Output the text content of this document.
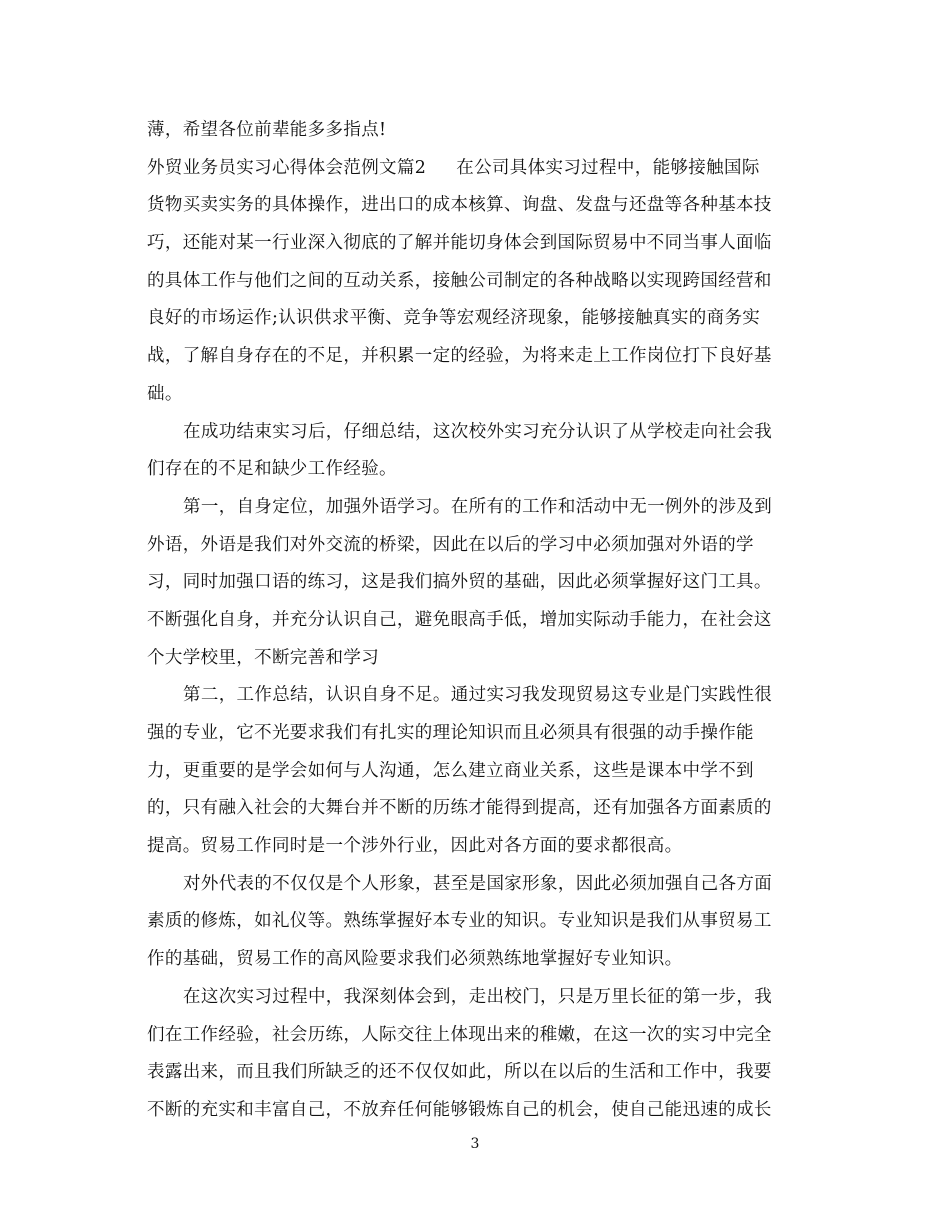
薄，希望各位前辈能多多指点!
外贸业务员实习心得体会范例文篇2 在公司具体实习过程中，能够接触国际
货物买卖实务的具体操作，进出口的成本核算、询盘、发盘与还盘等各种基本技
巧，还能对某一行业深入彻底的了解并能切身体会到国际贸易中不同当事人面临
的具体工作与他们之间的互动关系，接触公司制定的各种战略以实现跨国经营和
良好的市场运作;认识供求平衡、竞争等宏观经济现象，能够接触真实的商务实
战，了解自身存在的不足，并积累一定的经验，为将来走上工作岗位打下良好基
础。
在成功结束实习后，仔细总结，这次校外实习充分认识了从学校走向社会我
们存在的不足和缺少工作经验。
第一，自身定位，加强外语学习。在所有的工作和活动中无一例外的涉及到
外语，外语是我们对外交流的桥梁，因此在以后的学习中必须加强对外语的学
习，同时加强口语的练习，这是我们搞外贸的基础，因此必须掌握好这门工具。
不断强化自身，并充分认识自己，避免眼高手低，增加实际动手能力，在社会这
个大学校里，不断完善和学习
第二，工作总结，认识自身不足。通过实习我发现贸易这专业是门实践性很
强的专业，它不光要求我们有扎实的理论知识而且必须具有很强的动手操作能
力，更重要的是学会如何与人沟通，怎么建立商业关系，这些是课本中学不到
的，只有融入社会的大舞台并不断的历练才能得到提高，还有加强各方面素质的
提高。贸易工作同时是一个涉外行业，因此对各方面的要求都很高。
对外代表的不仅仅是个人形象，甚至是国家形象，因此必须加强自己各方面
素质的修炼，如礼仪等。熟练掌握好本专业的知识。专业知识是我们从事贸易工
作的基础，贸易工作的高风险要求我们必须熟练地掌握好专业知识。
在这次实习过程中，我深刻体会到，走出校门，只是万里长征的第一步，我
们在工作经验，社会历练，人际交往上体现出来的稚嫩，在这一次的实习中完全
表露出来，而且我们所缺乏的还不仅仅如此，所以在以后的生活和工作中，我要
不断的充实和丰富自己，不放弃任何能够锻炼自己的机会，使自己能迅速的成长
3
